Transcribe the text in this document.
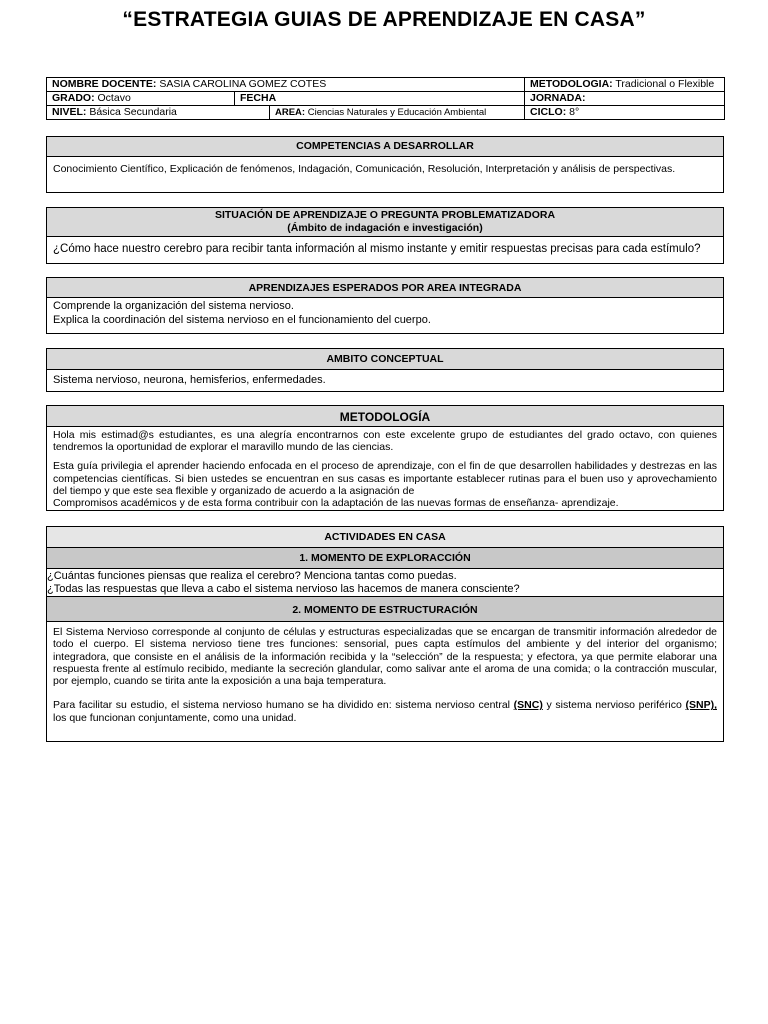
“ESTRATEGIA GUIAS DE APRENDIZAJE EN CASA”
NOMBRE DOCENTE: SASIA CAROLINA GOMEZ COTES			METODOLOGIA: Tradicional o Flexible
GRADO: Octavo	FECHA		JORNADA:
NIVEL: Básica Secundaria		AREA: Ciencias Naturales y Educación Ambiental	CICLO: 8°
COMPETENCIAS A DESARROLLAR
Conocimiento Científico, Explicación de fenómenos, Indagación, Comunicación, Resolución, Interpretación y análisis de perspectivas.
SITUACIÓN DE APRENDIZAJE O PREGUNTA PROBLEMATIZADORA
(Ámbito de indagación e investigación)
¿Cómo hace nuestro cerebro para recibir tanta información al mismo instante y emitir respuestas precisas para cada estímulo?
APRENDIZAJES ESPERADOS POR AREA INTEGRADA
Comprende la organización del sistema nervioso.
Explica la coordinación del sistema nervioso en el funcionamiento del cuerpo.
AMBITO CONCEPTUAL
Sistema nervioso, neurona, hemisferios, enfermedades.
METODOLOGÍA

Hola mis estimad@s estudiantes, es una alegría encontrarnos con este excelente grupo de estudiantes del grado octavo, con quienes tendremos la oportunidad de explorar el maravillo mundo de las ciencias.

Esta guía privilegia el aprender haciendo enfocada en el proceso de aprendizaje, con el fin de que desarrollen habilidades y destrezas en las competencias científicas. Si bien ustedes se encuentran en sus casas es importante establecer rutinas para el buen uso y aprovechamiento del tiempo y que este sea flexible y organizado de acuerdo a la asignación de

Compromisos académicos y de esta forma contribuir con la adaptación de las nuevas formas de enseñanza- aprendizaje.

ACTIVIDADES EN CASA
1. MOMENTO DE EXPLORACCIÓN
¿Cuántas funciones piensas que realiza el cerebro? Menciona tantas como puedas.
¿Todas las respuestas que lleva a cabo el sistema nervioso las hacemos de manera consciente?
2. MOMENTO DE ESTRUCTURACIÓN

El Sistema Nervioso corresponde al conjunto de células y estructuras especializadas que se encargan de transmitir información alrededor de todo el cuerpo. El sistema nervioso tiene tres funciones: sensorial, pues capta estímulos del ambiente y del interior del organismo; integradora, que consiste en el análisis de la información recibida y la “selección” de la respuesta; y efectora, ya que permite elaborar una respuesta frente al estímulo recibido, mediante la secreción glandular, como salivar ante el aroma de una comida; o la contracción muscular, por ejemplo, cuando se tirita ante la exposición a una baja temperatura.

Para facilitar su estudio, el sistema nervioso humano se ha dividido en: sistema nervioso central (SNC) y sistema nervioso periférico (SNP), los que funcionan conjuntamente, como una unidad.
